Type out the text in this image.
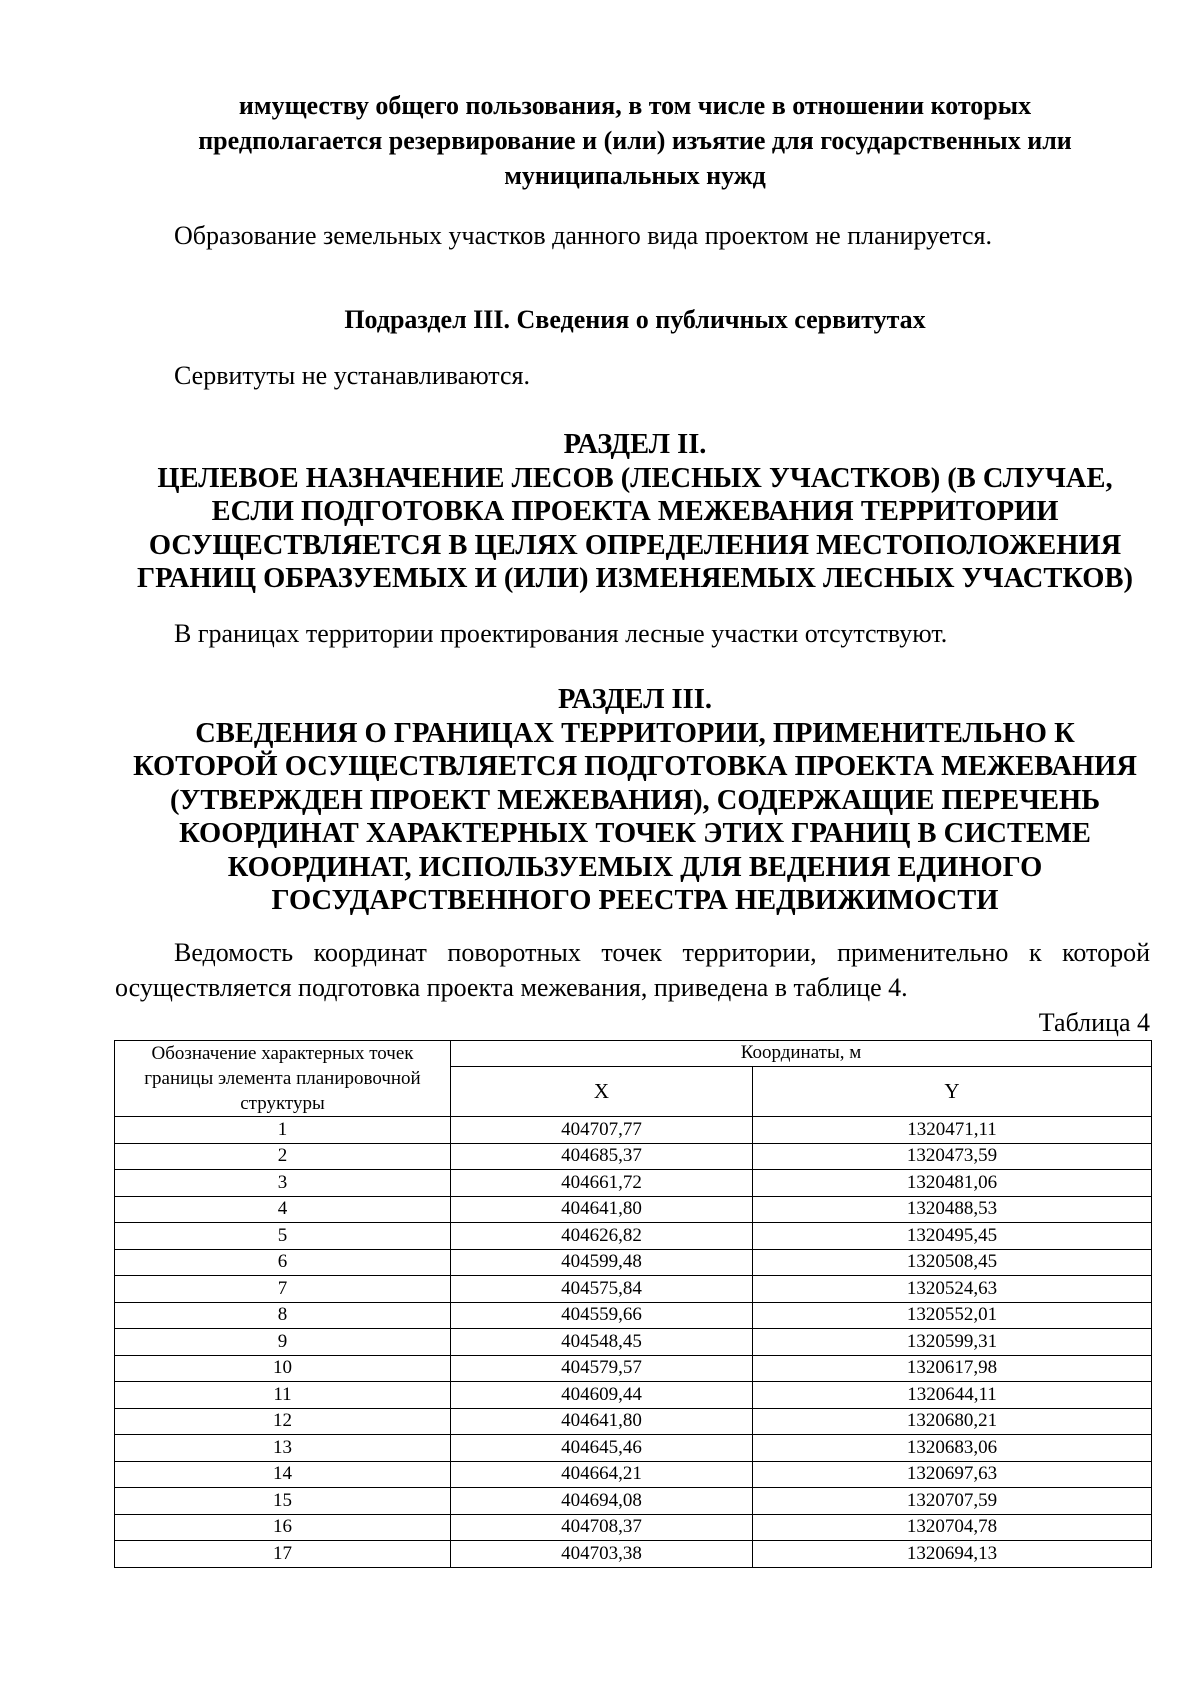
имуществу общего пользования, в том числе в отношении которых
предполагается резервирование и (или) изъятие для государственных или
муниципальных нужд
Образование земельных участков данного вида проектом не планируется.
Подраздел III. Сведения о публичных сервитутах
Сервитуты не устанавливаются.
РАЗДЕЛ II.
ЦЕЛЕВОЕ НАЗНАЧЕНИЕ ЛЕСОВ (ЛЕСНЫХ УЧАСТКОВ) (В СЛУЧАЕ,
ЕСЛИ ПОДГОТОВКА ПРОЕКТА МЕЖЕВАНИЯ ТЕРРИТОРИИ
ОСУЩЕСТВЛЯЕТСЯ В ЦЕЛЯХ ОПРЕДЕЛЕНИЯ МЕСТОПОЛОЖЕНИЯ
ГРАНИЦ ОБРАЗУЕМЫХ И (ИЛИ) ИЗМЕНЯЕМЫХ ЛЕСНЫХ УЧАСТКОВ)
В границах территории проектирования лесные участки отсутствуют.
РАЗДЕЛ III.
СВЕДЕНИЯ О ГРАНИЦАХ ТЕРРИТОРИИ, ПРИМЕНИТЕЛЬНО К
КОТОРОЙ ОСУЩЕСТВЛЯЕТСЯ ПОДГОТОВКА ПРОЕКТА МЕЖЕВАНИЯ
(УТВЕРЖДЕН ПРОЕКТ МЕЖЕВАНИЯ), СОДЕРЖАЩИЕ ПЕРЕЧЕНЬ
КООРДИНАТ ХАРАКТЕРНЫХ ТОЧЕК ЭТИХ ГРАНИЦ В СИСТЕМЕ
КООРДИНАТ, ИСПОЛЬЗУЕМЫХ ДЛЯ ВЕДЕНИЯ ЕДИНОГО
ГОСУДАРСТВЕННОГО РЕЕСТРА НЕДВИЖИМОСТИ
Ведомость координат поворотных точек территории, применительно к которой осуществляется подготовка проекта межевания, приведена в таблице 4.
Таблица 4
Обозначение характерных точек границы элемента планировочной структуры	Координаты, м	
	X	Y
1	404707,77	1320471,11
2	404685,37	1320473,59
3	404661,72	1320481,06
4	404641,80	1320488,53
5	404626,82	1320495,45
6	404599,48	1320508,45
7	404575,84	1320524,63
8	404559,66	1320552,01
9	404548,45	1320599,31
10	404579,57	1320617,98
11	404609,44	1320644,11
12	404641,80	1320680,21
13	404645,46	1320683,06
14	404664,21	1320697,63
15	404694,08	1320707,59
16	404708,37	1320704,78
17	404703,38	1320694,13
